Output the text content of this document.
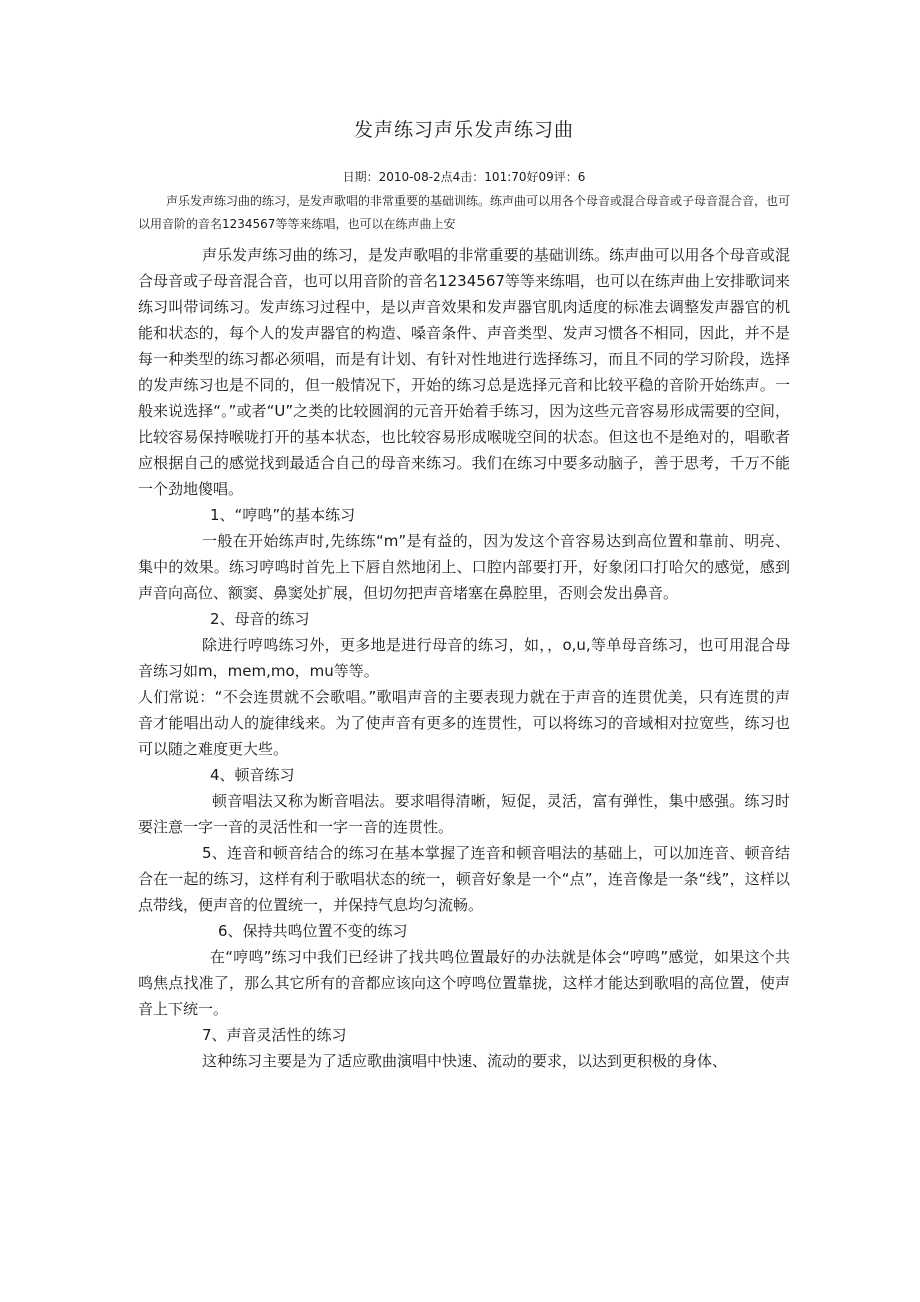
发声练习声乐发声练习曲

日期：2010-08-2点4击：101:70好09评：6

声乐发声练习曲的练习，是发声歌唱的非常重要的基础训练。练声曲可以用各个母音或混合母音或子母音混合音，也可以用音阶的音名1234567等等来练唱，也可以在练声曲上安

声乐发声练习曲的练习，是发声歌唱的非常重要的基础训练。练声曲可以用各个母音或混合母音或子母音混合音，也可以用音阶的音名1234567等等来练唱，也可以在练声曲上安排歌词来练习叫带词练习。发声练习过程中，是以声音效果和发声器官肌肉适度的标准去调整发声器官的机能和状态的，每个人的发声器官的构造、嗓音条件、声音类型、发声习惯各不相同，因此，并不是每一种类型的练习都必须唱，而是有计划、有针对性地进行选择练习，而且不同的学习阶段，选择的发声练习也是不同的，但一般情况下，开始的练习总是选择元音和比较平稳的音阶开始练声。一般来说选择“。”或者“U”之类的比较圆润的元音开始着手练习，因为这些元音容易形成需要的空间，比较容易保持喉咙打开的基本状态，也比较容易形成喉咙空间的状态。但这也不是绝对的，唱歌者应根据自己的感觉找到最适合自己的母音来练习。我们在练习中要多动脑子，善于思考，千万不能一个劲地傻唱。

1、“哼鸣”的基本练习

一般在开始练声时,先练练“m”是有益的，因为发这个音容易达到高位置和靠前、明亮、集中的效果。练习哼鸣时首先上下唇自然地闭上、口腔内部要打开，好象闭口打哈欠的感觉，感到声音向高位、额窦、鼻窦处扩展，但切勿把声音堵塞在鼻腔里，否则会发出鼻音。

2、母音的练习

除进行哼鸣练习外，更多地是进行母音的练习，如，，o,u,等单母音练习，也可用混合母音练习如m，mem,mo，mu等等。

人们常说：“不会连贯就不会歌唱。”歌唱声音的主要表现力就在于声音的连贯优美，只有连贯的声音才能唱出动人的旋律线来。为了使声音有更多的连贯性，可以将练习的音域相对拉宽些，练习也可以随之难度更大些。

4、顿音练习

顿音唱法又称为断音唱法。要求唱得清晰，短促，灵活，富有弹性，集中感强。练习时要注意一字一音的灵活性和一字一音的连贯性。

5、连音和顿音结合的练习在基本掌握了连音和顿音唱法的基础上，可以加连音、顿音结合在一起的练习，这样有利于歌唱状态的统一，顿音好象是一个“点”，连音像是一条“线”，这样以点带线，便声音的位置统一，并保持气息均匀流畅。

6、保持共鸣位置不变的练习

在“哼鸣”练习中我们已经讲了找共鸣位置最好的办法就是体会“哼鸣”感觉，如果这个共鸣焦点找准了，那么其它所有的音都应该向这个哼鸣位置靠拢，这样才能达到歌唱的高位置，使声音上下统一。

7、声音灵活性的练习

这种练习主要是为了适应歌曲演唱中快速、流动的要求，以达到更积极的身体、
